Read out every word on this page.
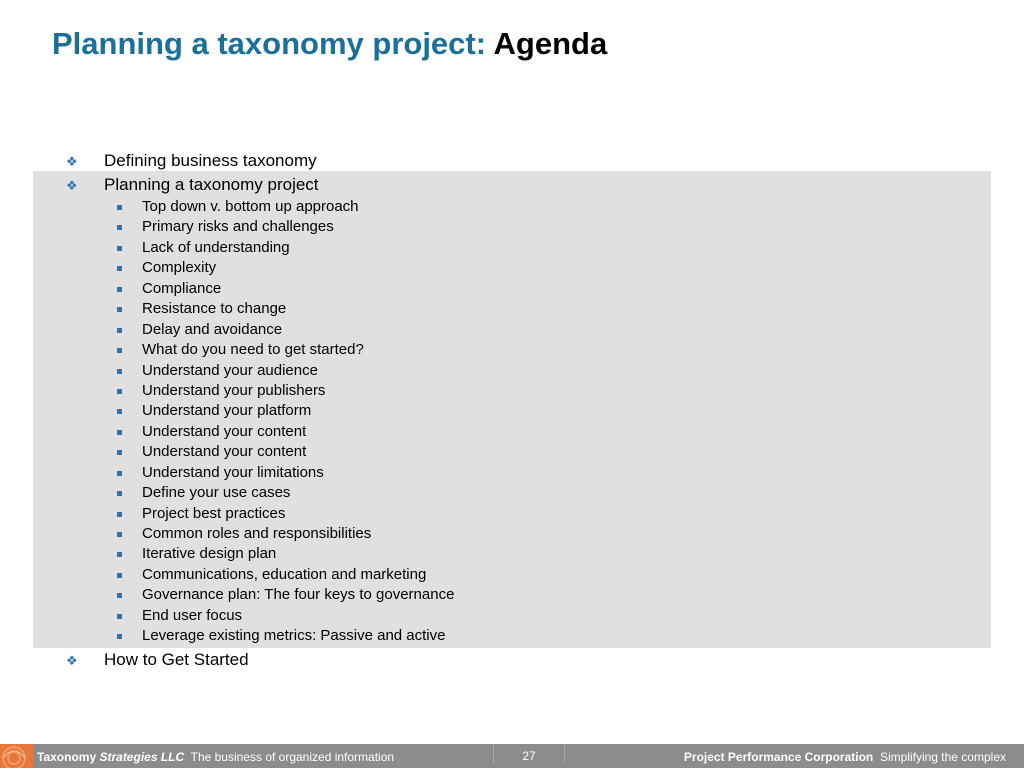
Planning a taxonomy project: Agenda
❖ Defining business taxonomy
❖ Planning a taxonomy project
Top down v. bottom up approach
Primary risks and challenges
Lack of understanding
Complexity
Compliance
Resistance to change
Delay and avoidance
What do you need to get started?
Understand your audience
Understand your publishers
Understand your platform
Understand your content
Understand your content
Understand your limitations
Define your use cases
Project best practices
Common roles and responsibilities
Iterative design plan
Communications, education and marketing
Governance plan: The four keys to governance
End user focus
Leverage existing metrics: Passive and active
❖ How to Get Started
Taxonomy Strategies LLC The business of organized information	27	Project Performance Corporation Simplifying the complex
